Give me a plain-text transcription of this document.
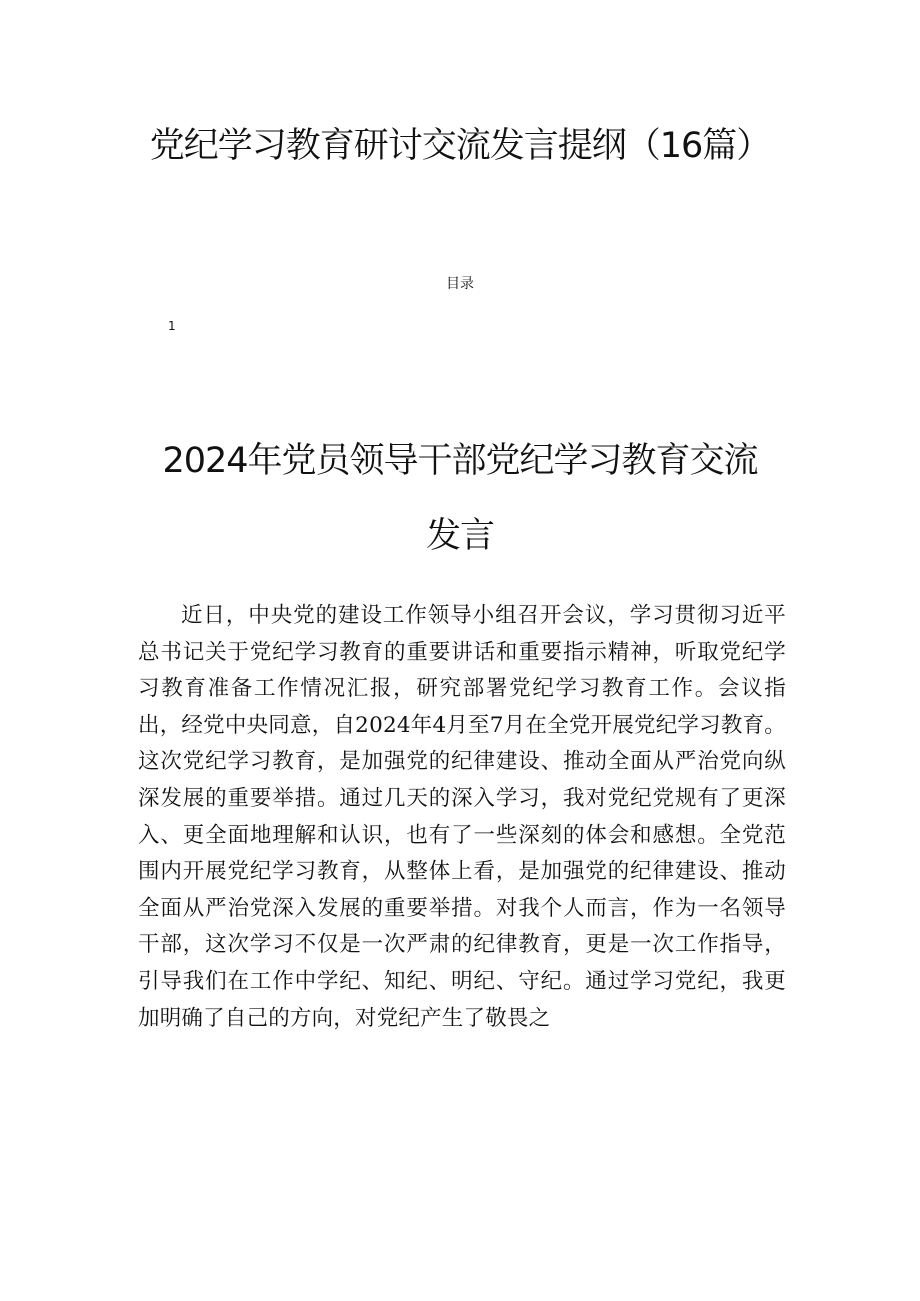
党纪学习教育研讨交流发言提纲（16篇）
目录
1
2024年党员领导干部党纪学习教育交流发言

近日，中央党的建设工作领导小组召开会议，学习贯彻习近平总书记关于党纪学习教育的重要讲话和重要指示精神，听取党纪学习教育准备工作情况汇报，研究部署党纪学习教育工作。会议指出，经党中央同意，自2024年4月至7月在全党开展党纪学习教育。这次党纪学习教育，是加强党的纪律建设、推动全面从严治党向纵深发展的重要举措。通过几天的深入学习，我对党纪党规有了更深入、更全面地理解和认识，也有了一些深刻的体会和感想。全党范围内开展党纪学习教育，从整体上看，是加强党的纪律建设、推动全面从严治党深入发展的重要举措。对我个人而言，作为一名领导干部，这次学习不仅是一次严肃的纪律教育，更是一次工作指导，引导我们在工作中学纪、知纪、明纪、守纪。通过学习党纪，我更加明确了自己的方向，对党纪产生了敬畏之
